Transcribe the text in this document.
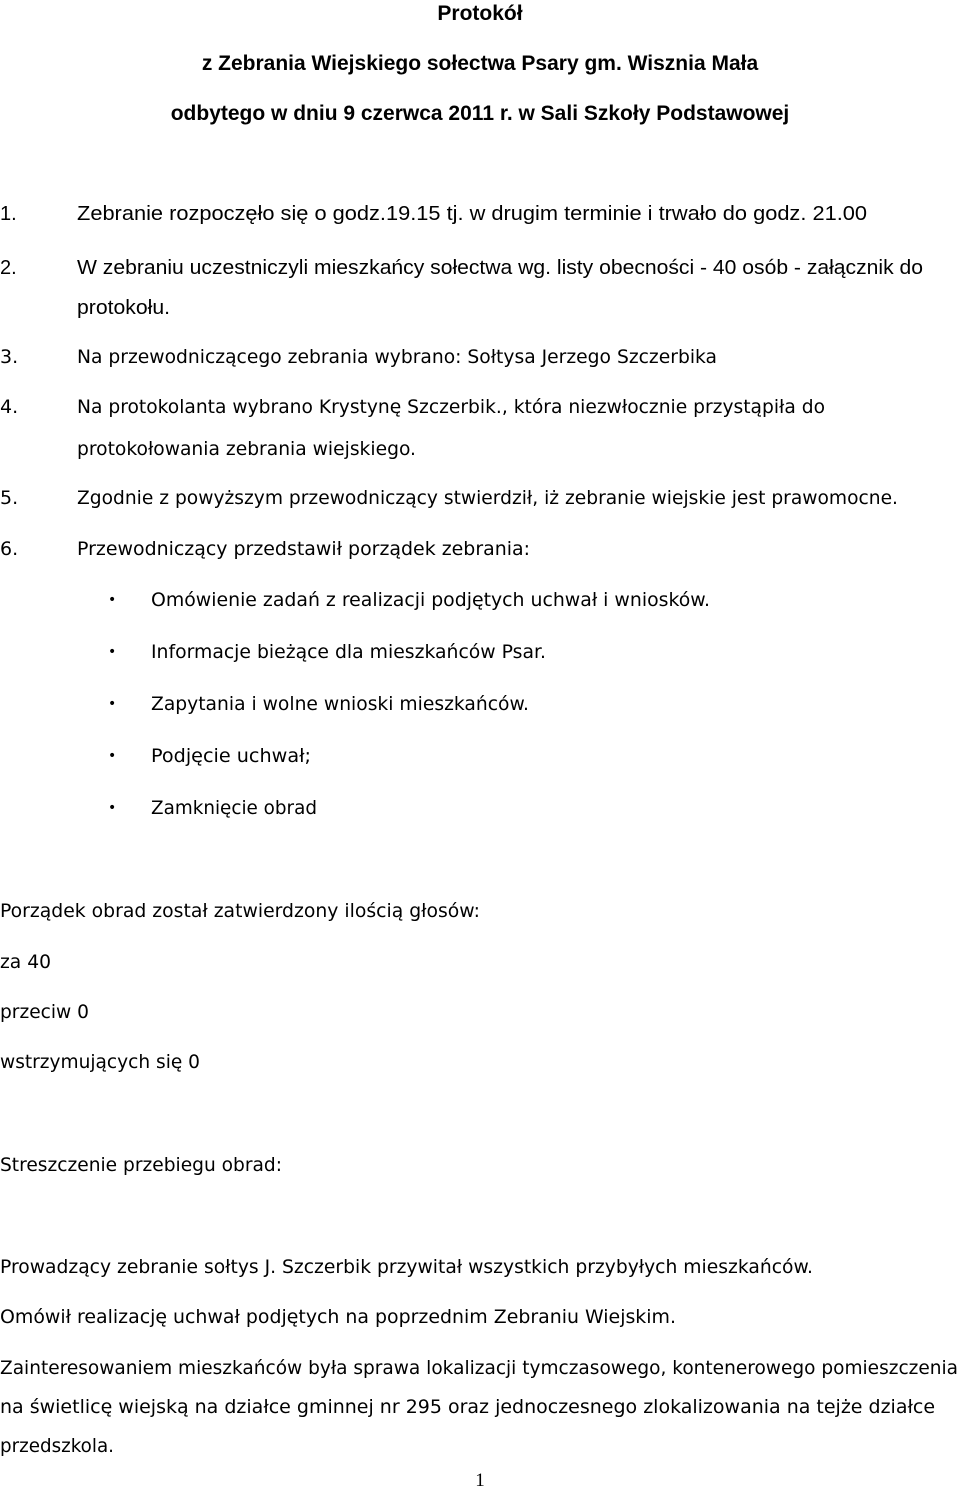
Protokół
z Zebrania Wiejskiego sołectwa Psary gm. Wisznia Mała
odbytego w dniu 9 czerwca 2011 r. w Sali Szkoły Podstawowej
1.	Zebranie rozpoczęło się o godz.19.15 tj. w drugim terminie i trwało do godz. 21.00
2.	W zebraniu uczestniczyli mieszkańcy sołectwa wg. listy obecności - 40 osób - załącznik do
protokołu.
3.	Na przewodniczącego zebrania wybrano: Sołtysa Jerzego Szczerbika
4.	Na protokolanta wybrano Krystynę Szczerbik., która niezwłocznie przystąpiła do
protokołowania zebrania wiejskiego.
5.	Zgodnie z powyższym przewodniczący stwierdził, iż zebranie wiejskie jest prawomocne.
6.	Przewodniczący przedstawił porządek zebrania:
•
Omówienie zadań z realizacji podjętych uchwał i wniosków.
•
Informacje bieżące dla mieszkańców Psar.
•
Zapytania i wolne wnioski mieszkańców.
•
Podjęcie uchwał;
•
Zamknięcie obrad
Porządek obrad został zatwierdzony ilością głosów:
za 40
przeciw 0
wstrzymujących się 0
Streszczenie przebiegu obrad:
Prowadzący zebranie sołtys J. Szczerbik przywitał wszystkich przybyłych mieszkańców.
Omówił realizację uchwał podjętych na poprzednim Zebraniu Wiejskim.
Zainteresowaniem mieszkańców była sprawa lokalizacji tymczasowego, kontenerowego pomieszczenia
na świetlicę wiejską na działce gminnej nr 295 oraz jednoczesnego zlokalizowania na tejże działce
przedszkola.
1
